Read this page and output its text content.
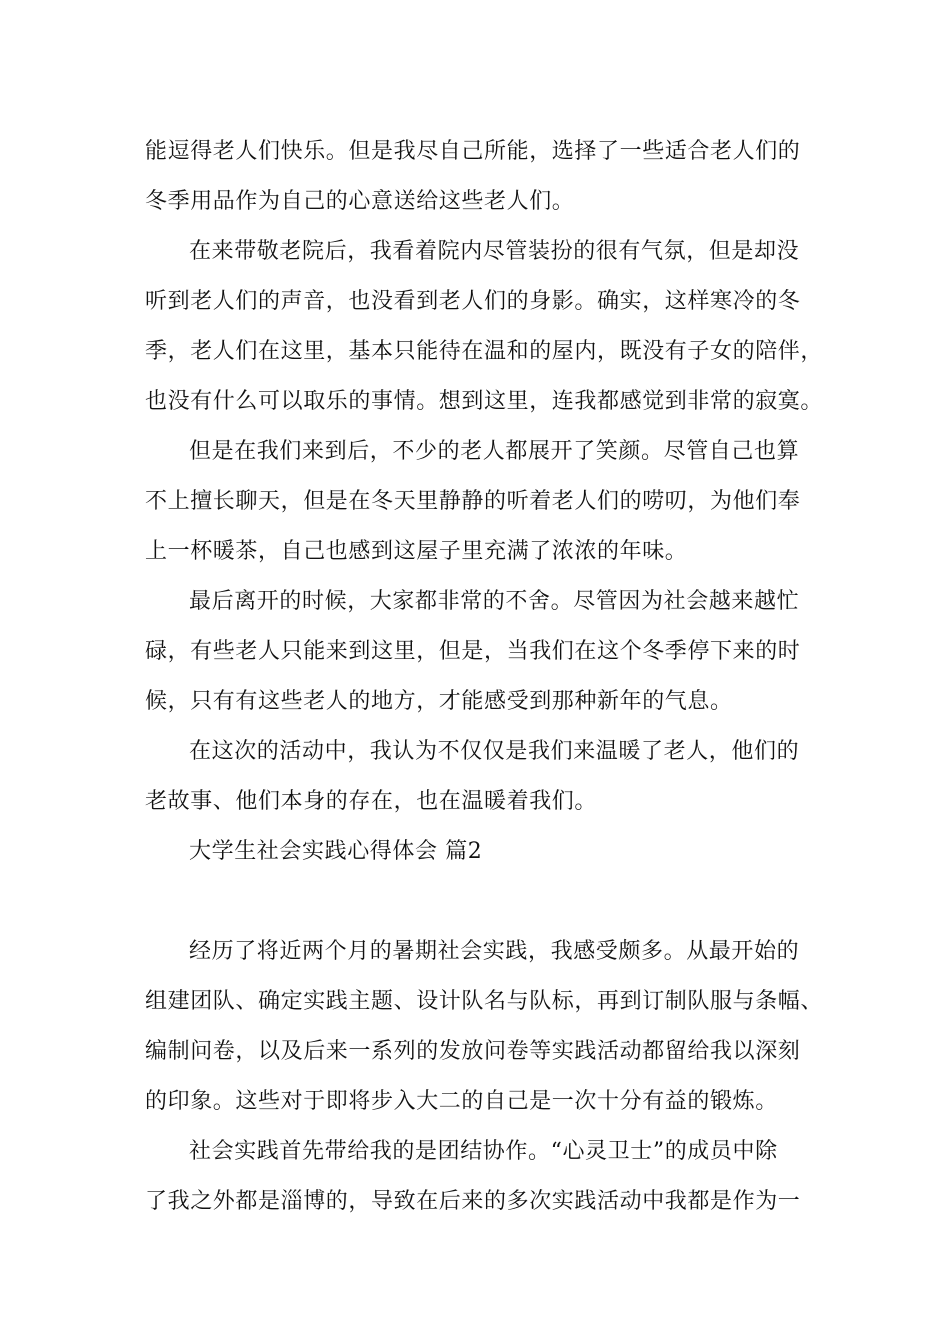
能逗得老人们快乐。但是我尽自己所能，选择了一些适合老人们的
冬季用品作为自己的心意送给这些老人们。
在来带敬老院后，我看着院内尽管装扮的很有气氛，但是却没
听到老人们的声音，也没看到老人们的身影。确实，这样寒冷的冬
季，老人们在这里，基本只能待在温和的屋内，既没有子女的陪伴，
也没有什么可以取乐的事情。想到这里，连我都感觉到非常的寂寞。
但是在我们来到后，不少的老人都展开了笑颜。尽管自己也算
不上擅长聊天，但是在冬天里静静的听着老人们的唠叨，为他们奉
上一杯暖茶，自己也感到这屋子里充满了浓浓的年味。
最后离开的时候，大家都非常的不舍。尽管因为社会越来越忙
碌，有些老人只能来到这里，但是，当我们在这个冬季停下来的时
候，只有有这些老人的地方，才能感受到那种新年的气息。
在这次的活动中，我认为不仅仅是我们来温暖了老人，他们的
老故事、他们本身的存在，也在温暖着我们。
大学生社会实践心得体会 篇2
经历了将近两个月的暑期社会实践，我感受颇多。从最开始的
组建团队、确定实践主题、设计队名与队标，再到订制队服与条幅、
编制问卷，以及后来一系列的发放问卷等实践活动都留给我以深刻
的印象。这些对于即将步入大二的自己是一次十分有益的锻炼。
社会实践首先带给我的是团结协作。“心灵卫士”的成员中除
了我之外都是淄博的，导致在后来的多次实践活动中我都是作为一
